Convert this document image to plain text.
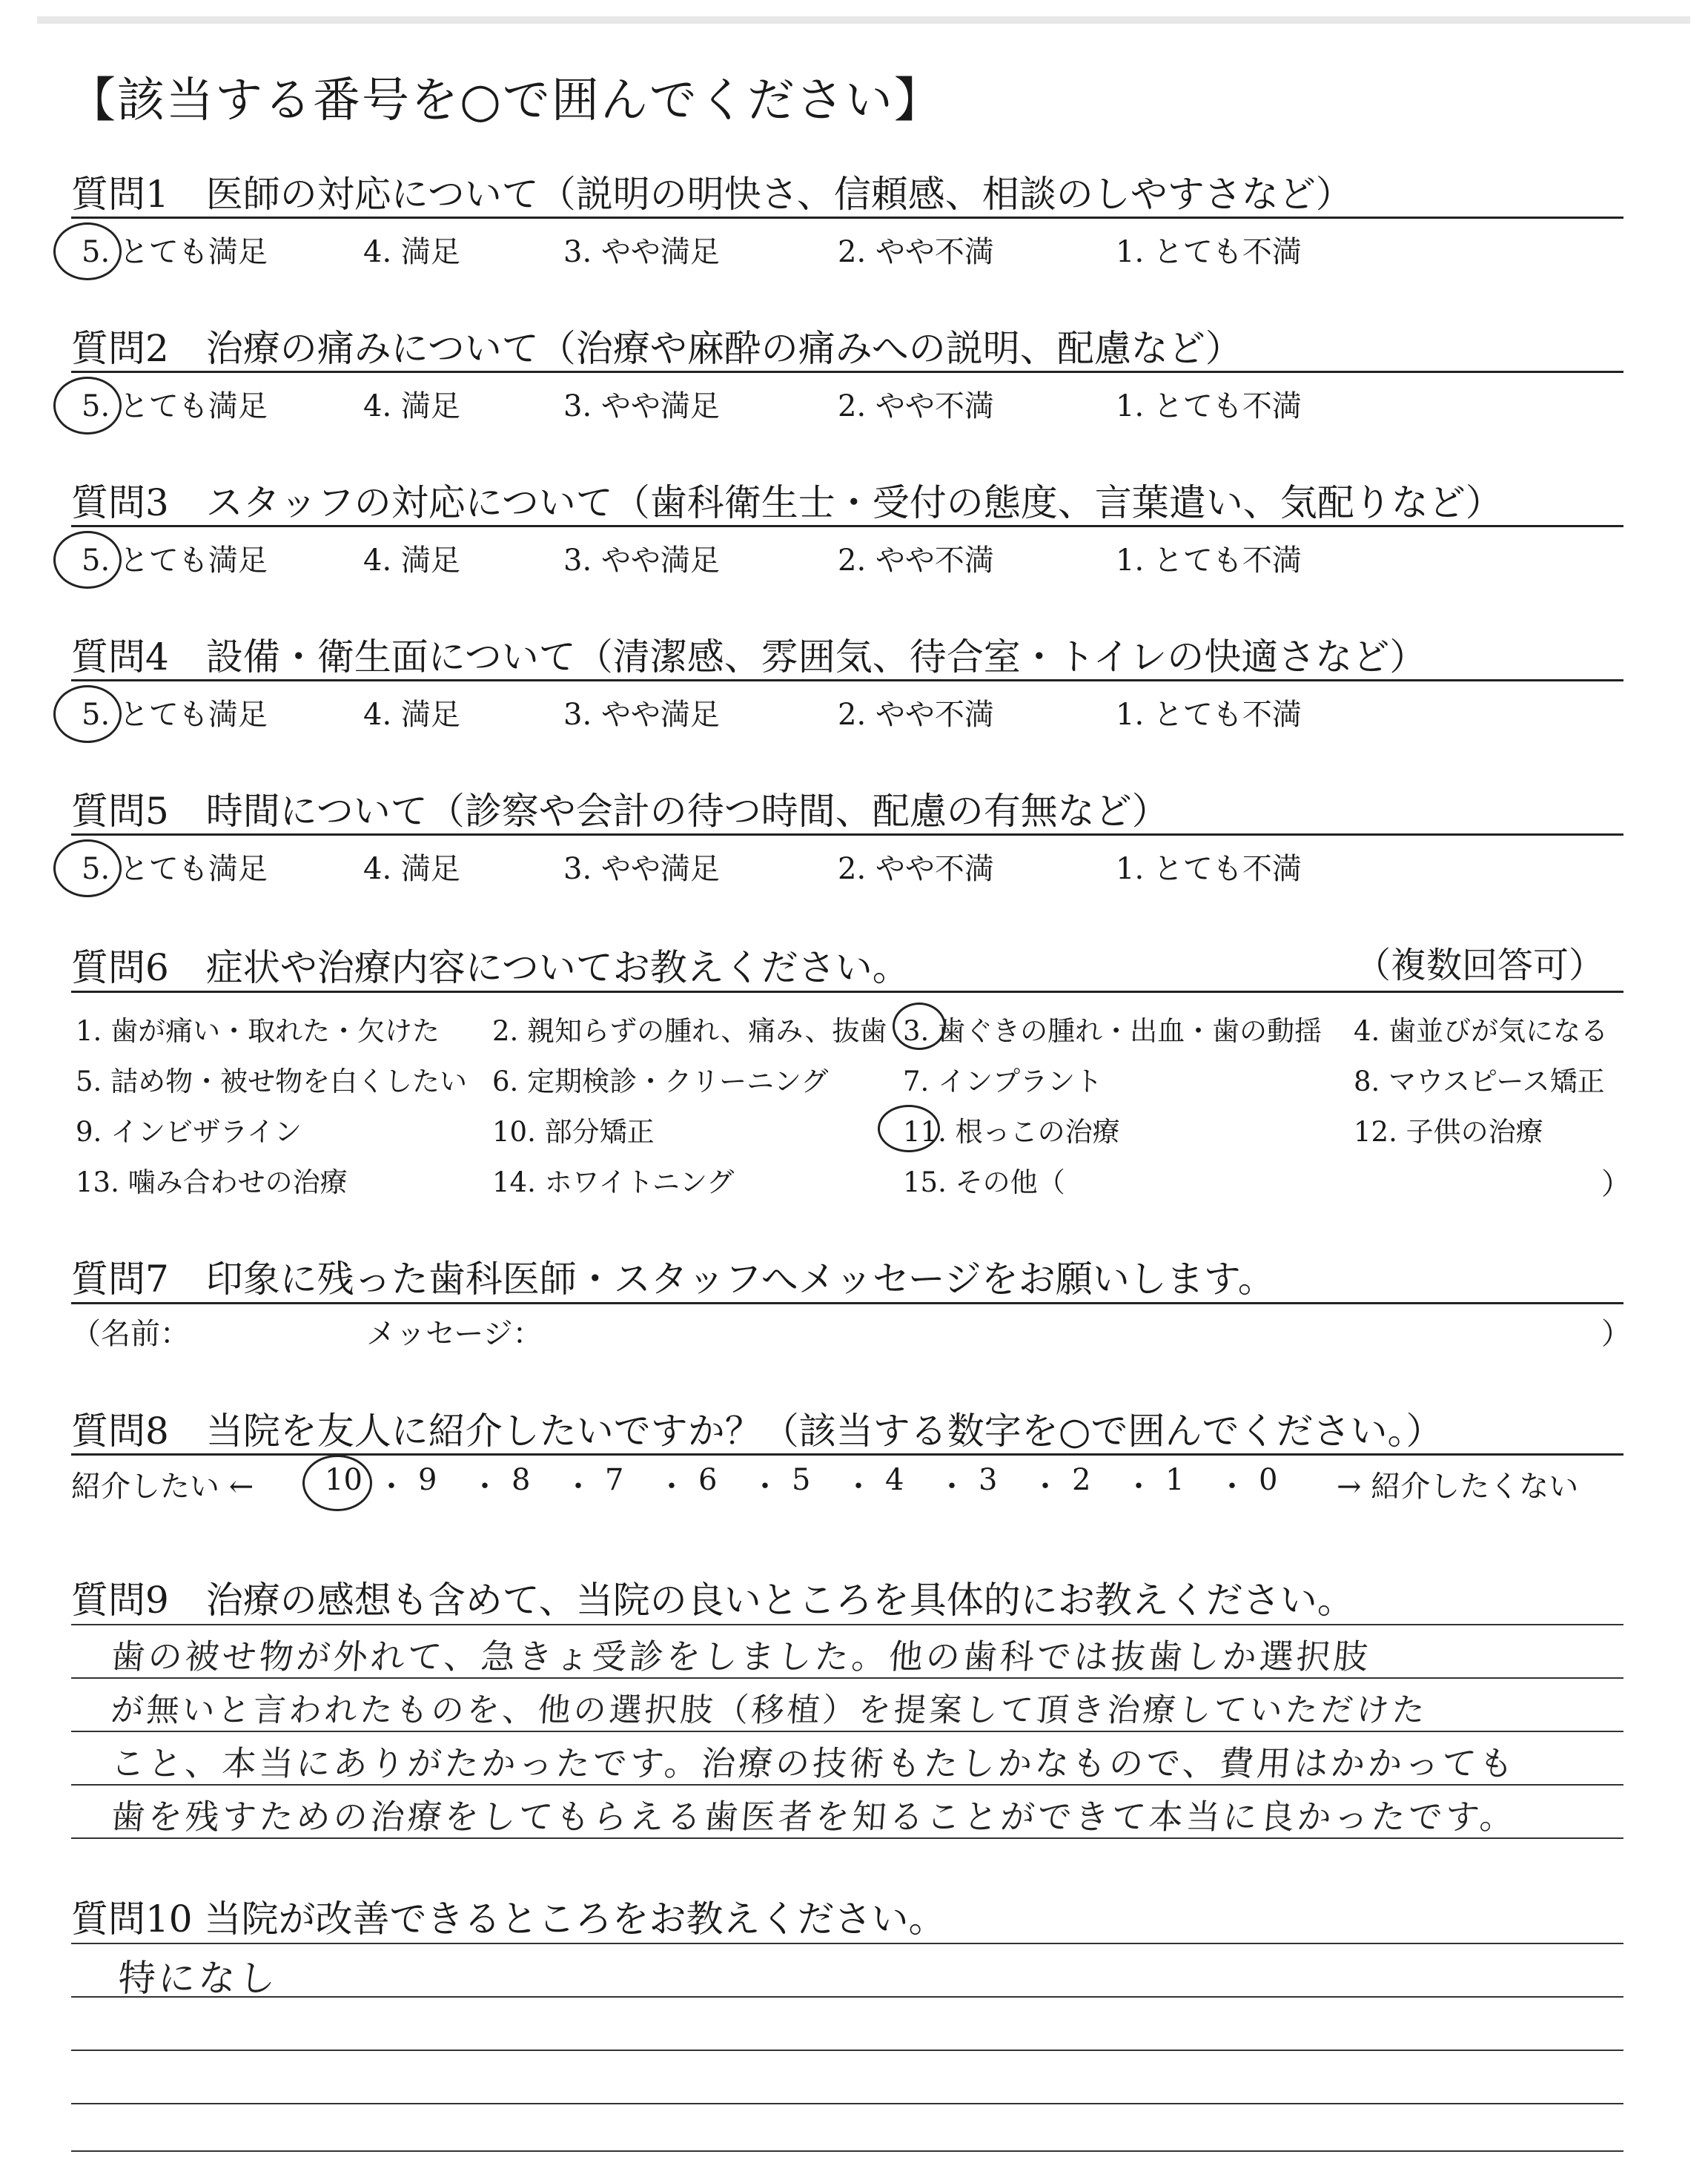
【該当する番号を○で囲んでください】
質問1　医師の対応について（説明の明快さ、信頼感、相談のしやすさなど）
5. とても満足	4. 満足	3. やや満足	2. やや不満	1. とても不満
質問2　治療の痛みについて（治療や麻酔の痛みへの説明、配慮など）
5. とても満足	4. 満足	3. やや満足	2. やや不満	1. とても不満
質問3　スタッフの対応について（歯科衛生士・受付の態度、言葉遣い、気配りなど）
5. とても満足	4. 満足	3. やや満足	2. やや不満	1. とても不満
質問4　設備・衛生面について（清潔感、雰囲気、待合室・トイレの快適さなど）
5. とても満足	4. 満足	3. やや満足	2. やや不満	1. とても不満
質問5　時間について（診察や会計の待つ時間、配慮の有無など）
5. とても満足	4. 満足	3. やや満足	2. やや不満	1. とても不満
質問6　症状や治療内容についてお教えください。	（複数回答可）
1. 歯が痛い・取れた・欠けた 2. 親知らずの腫れ、痛み、抜歯 3. 歯ぐきの腫れ・出血・歯の動揺 4. 歯並びが気になる
5. 詰め物・被せ物を白くしたい 6. 定期検診・クリーニング	7. インプラント	8. マウスピース矯正
9. インビザライン	10. 部分矯正	11. 根っこの治療	12. 子供の治療
13. 噛み合わせの治療	14. ホワイトニング	15. その他（	）
質問7　印象に残った歯科医師・スタッフへメッセージをお願いします。
（名前：	メッセージ：	）
質問8　当院を友人に紹介したいですか？（該当する数字を○で囲んでください。）
紹介したい ← 10 ・ 9 ・ 8 ・ 7 ・ 6 ・ 5 ・ 4 ・ 3 ・ 2 ・ 1 ・ 0 → 紹介したくない
質問9　治療の感想も含めて、当院の良いところを具体的にお教えください。
歯の被せ物が外れて、急きょ受診をしました。他の歯科では抜歯しか選択肢
が無いと言われたものを、他の選択肢（移植）を提案して頂き治療していただけた
こと、本当にありがたかったです。治療の技術もたしかなもので、費用はかかっても
歯を残すための治療をしてもらえる歯医者を知ることができて本当に良かったです。
質問10 当院が改善できるところをお教えください。
特になし
